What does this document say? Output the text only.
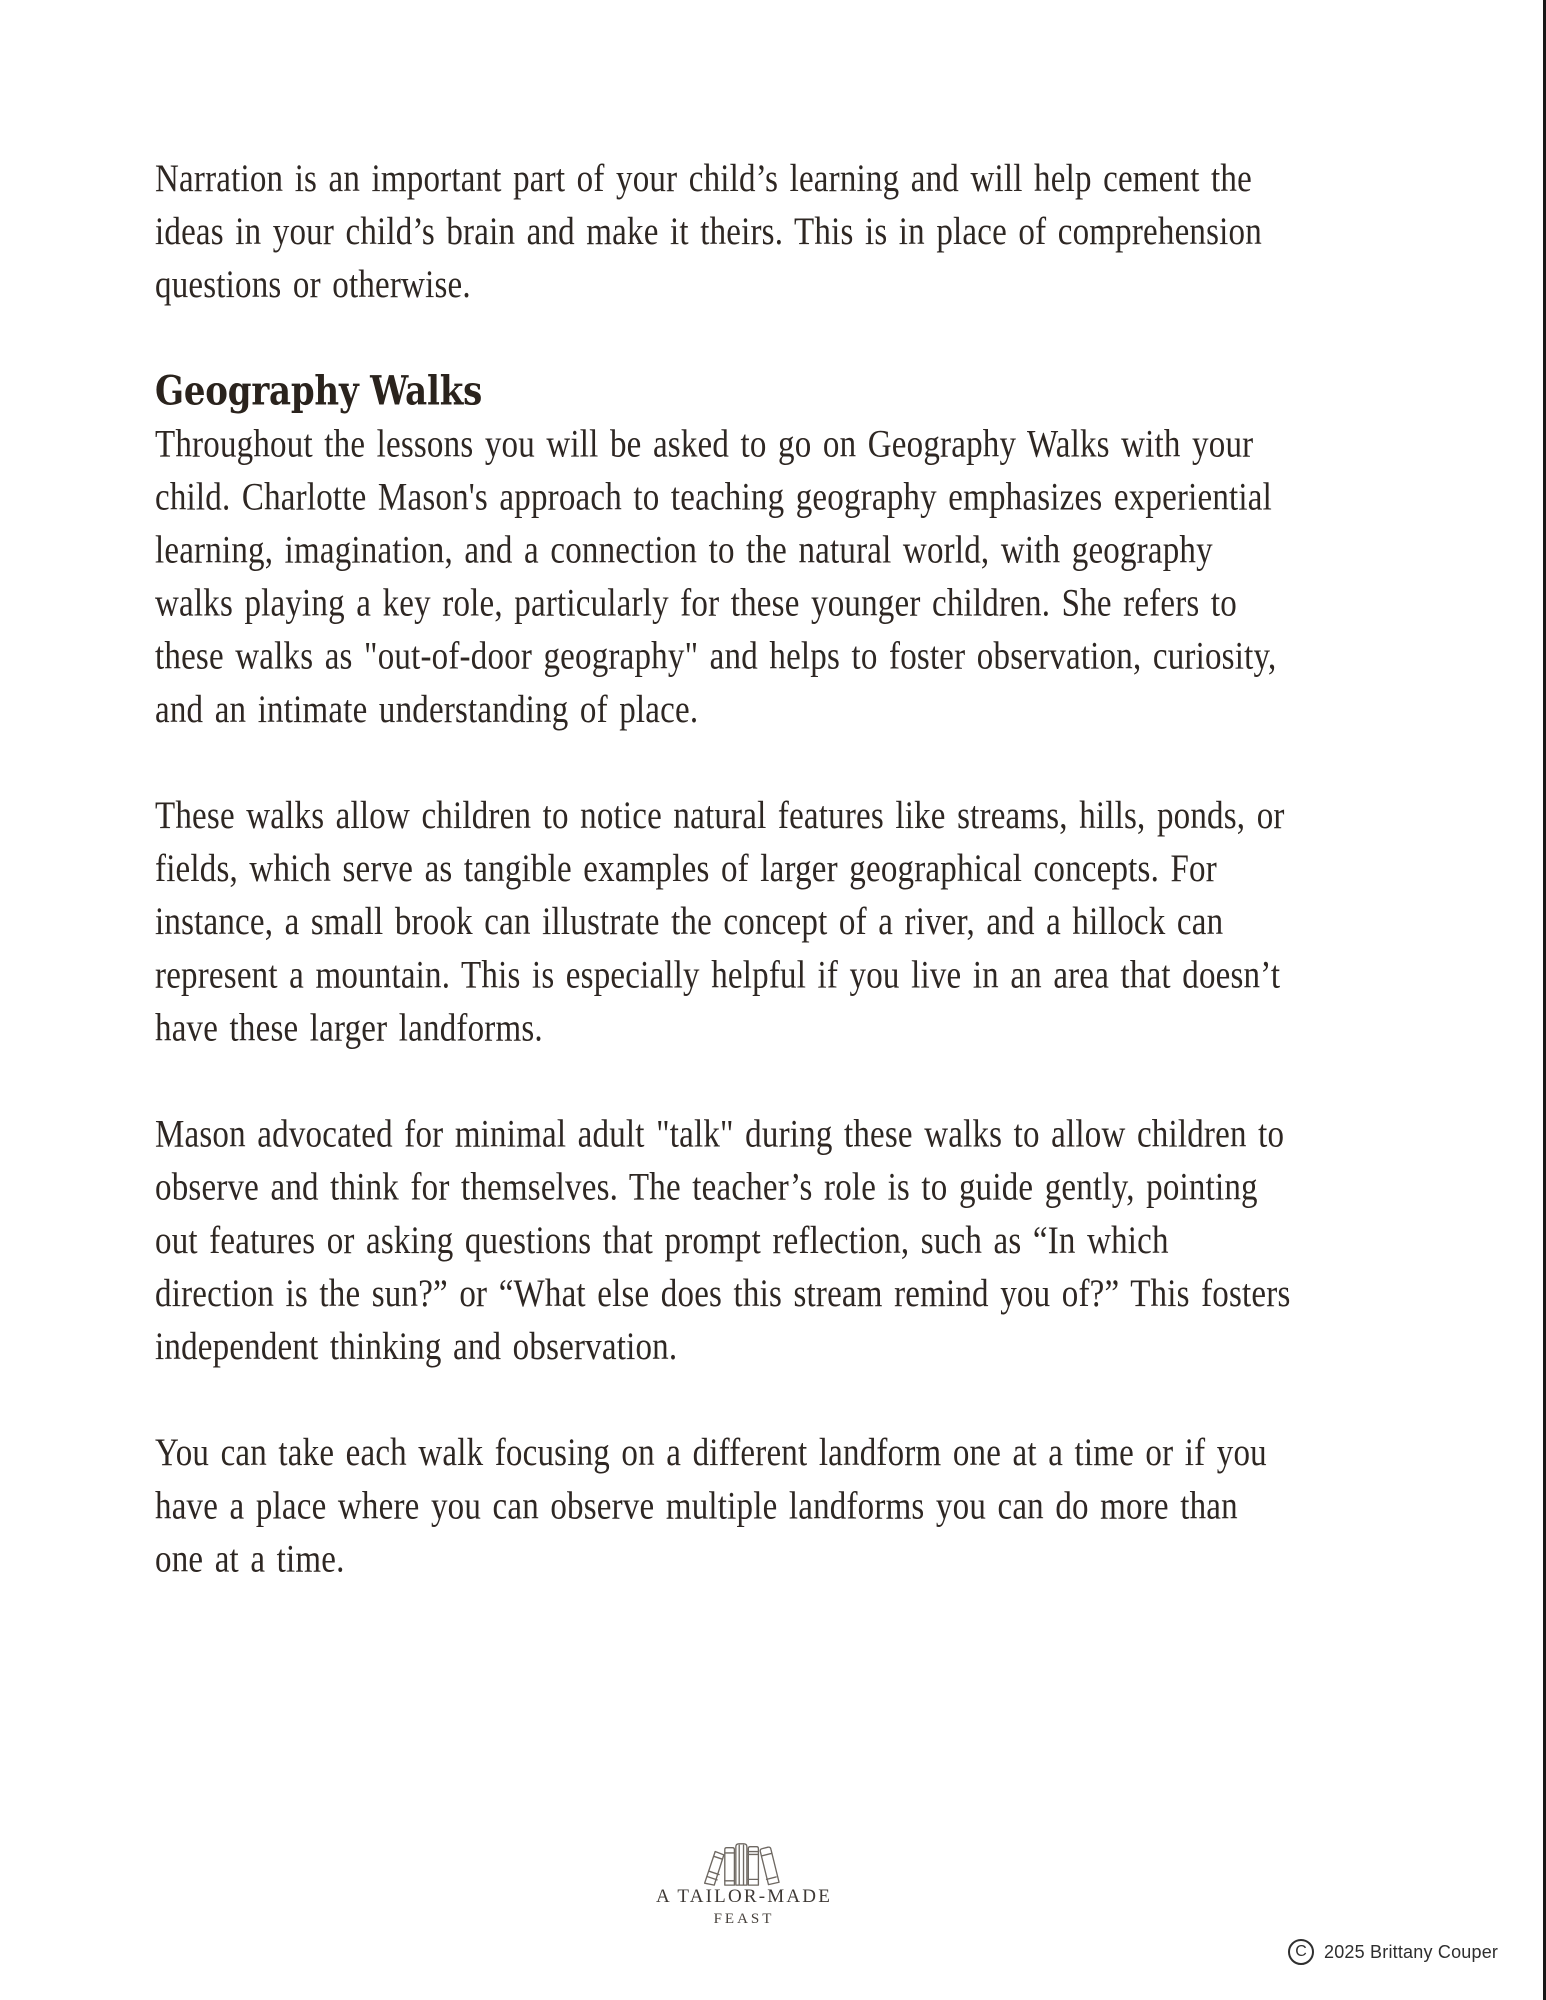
Narration is an important part of your child’s learning and will help cement the
ideas in your child’s brain and make it theirs. This is in place of comprehension
questions or otherwise.
Geography Walks
Throughout the lessons you will be asked to go on Geography Walks with your
child. Charlotte Mason's approach to teaching geography emphasizes experiential
learning, imagination, and a connection to the natural world, with geography
walks playing a key role, particularly for these younger children. She refers to
these walks as "out-of-door geography" and helps to foster observation, curiosity,
and an intimate understanding of place.
These walks allow children to notice natural features like streams, hills, ponds, or
fields, which serve as tangible examples of larger geographical concepts. For
instance, a small brook can illustrate the concept of a river, and a hillock can
represent a mountain. This is especially helpful if you live in an area that doesn’t
have these larger landforms.
Mason advocated for minimal adult "talk" during these walks to allow children to
observe and think for themselves. The teacher’s role is to guide gently, pointing
out features or asking questions that prompt reflection, such as “In which
direction is the sun?” or “What else does this stream remind you of?” This fosters
independent thinking and observation.
You can take each walk focusing on a different landform one at a time or if you
have a place where you can observe multiple landforms you can do more than
one at a time.
A TAILOR-MADE
FEAST
C 2025 Brittany Couper
